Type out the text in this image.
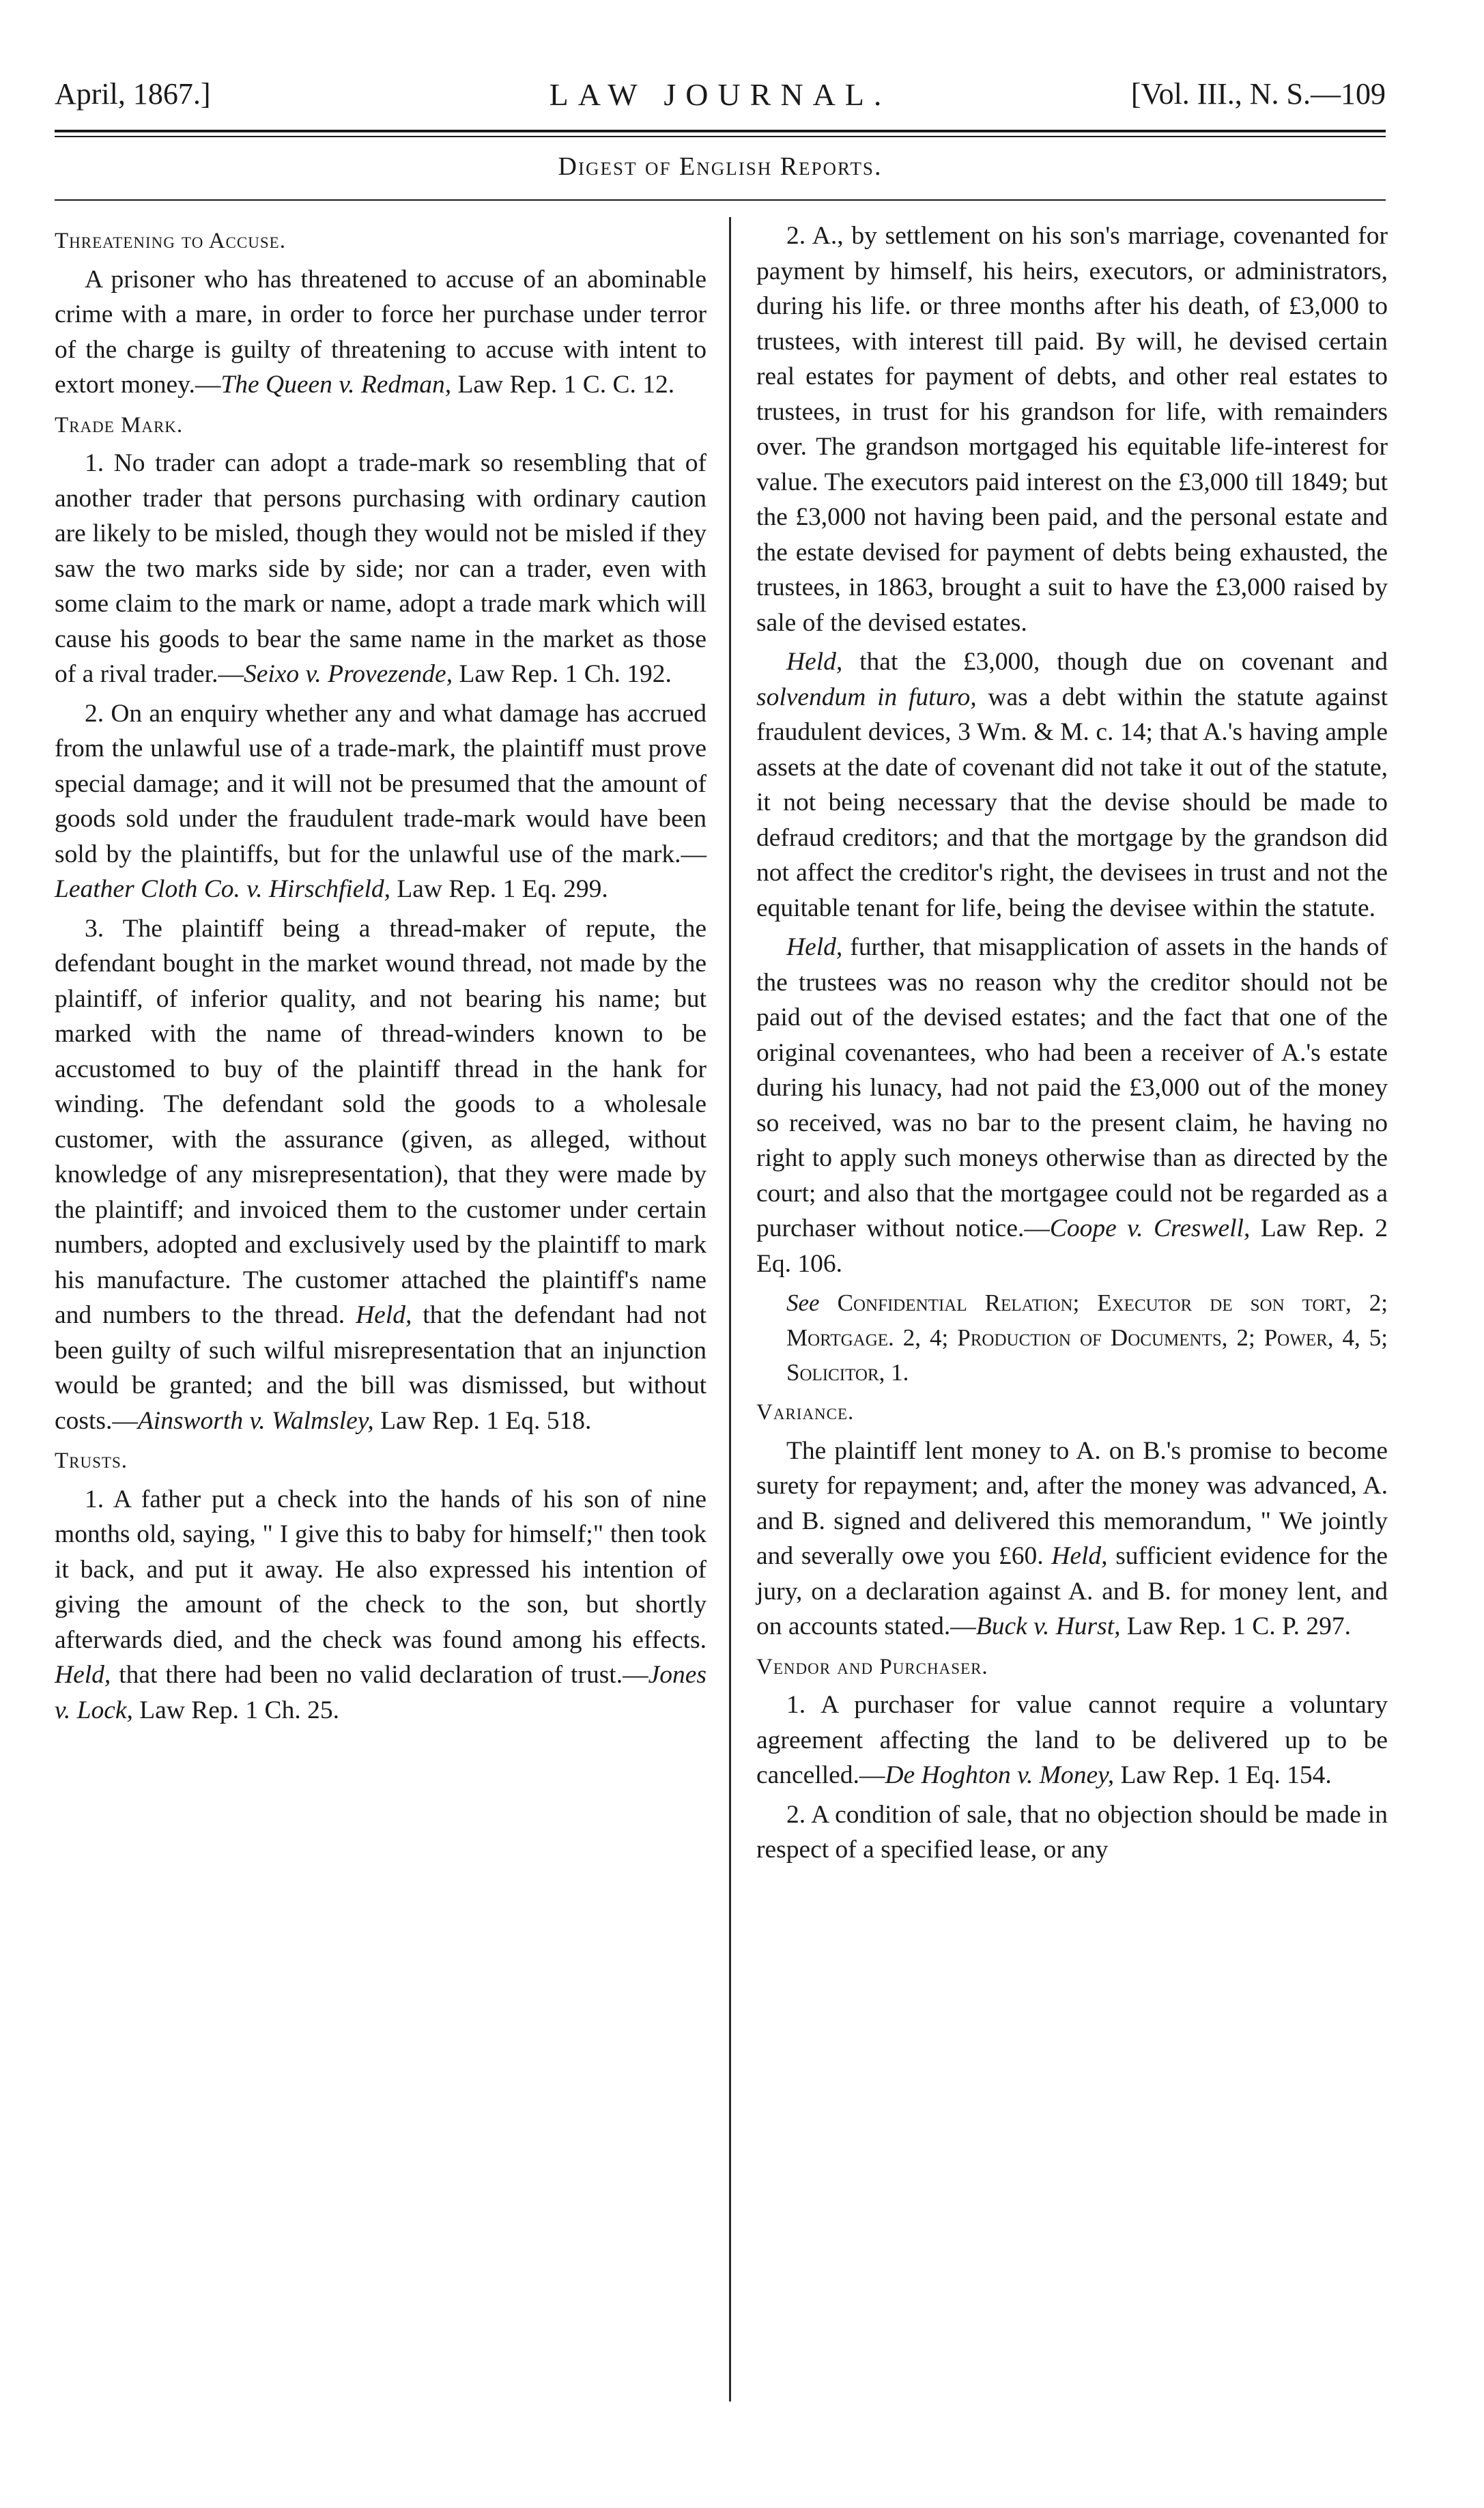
LAW JOURNAL.
April, 1867.]	[Vol. III., N. S.—109
Digest of English Reports.
Threatening to Accuse.

A prisoner who has threatened to accuse of an abominable crime with a mare, in order to force her purchase under terror of the charge is guilty of threatening to accuse with intent to extort money.—The Queen v. Redman, Law Rep. 1 C. C. 12.

Trade Mark.

1. No trader can adopt a trade-mark so resembling that of another trader that persons purchasing with ordinary caution are likely to be misled, though they would not be misled if they saw the two marks side by side; nor can a trader, even with some claim to the mark or name, adopt a trade mark which will cause his goods to bear the same name in the market as those of a rival trader.—Seixo v. Provezende, Law Rep. 1 Ch. 192.

2. On an enquiry whether any and what damage has accrued from the unlawful use of a trade-mark, the plaintiff must prove special damage; and it will not be presumed that the amount of goods sold under the fraudulent trade-mark would have been sold by the plaintiffs, but for the unlawful use of the mark.—Leather Cloth Co. v. Hirschfield, Law Rep. 1 Eq. 299.

3. The plaintiff being a thread-maker of repute, the defendant bought in the market wound thread, not made by the plaintiff, of inferior quality, and not bearing his name; but marked with the name of thread-winders known to be accustomed to buy of the plaintiff thread in the hank for winding. The defendant sold the goods to a wholesale customer, with the assurance (given, as alleged, without knowledge of any misrepresentation), that they were made by the plaintiff; and invoiced them to the customer under certain numbers, adopted and exclusively used by the plaintiff to mark his manufacture. The customer attached the plaintiff's name and numbers to the thread. Held, that the defendant had not been guilty of such wilful misrepresentation that an injunction would be granted; and the bill was dismissed, but without costs.—Ainsworth v. Walmsley, Law Rep. 1 Eq. 518.

Trusts.

1. A father put a check into the hands of his son of nine months old, saying, " I give this to baby for himself;" then took it back, and put it away. He also expressed his intention of giving the amount of the check to the son, but shortly afterwards died, and the check was found among his effects. Held, that there had been no valid declaration of trust.—Jones v. Lock, Law Rep. 1 Ch. 25.

2. A., by settlement on his son's marriage, covenanted for payment by himself, his heirs, executors, or administrators, during his life. or three months after his death, of £3,000 to trustees, with interest till paid. By will, he devised certain real estates for payment of debts, and other real estates to trustees, in trust for his grandson for life, with remainders over. The grandson mortgaged his equitable life-interest for value. The executors paid interest on the £3,000 till 1849; but the £3,000 not having been paid, and the personal estate and the estate devised for payment of debts being exhausted, the trustees, in 1863, brought a suit to have the £3,000 raised by sale of the devised estates.

Held, that the £3,000, though due on covenant and solvendum in futuro, was a debt within the statute against fraudulent devices, 3 Wm. & M. c. 14; that A.'s having ample assets at the date of covenant did not take it out of the statute, it not being necessary that the devise should be made to defraud creditors; and that the mortgage by the grandson did not affect the creditor's right, the devisees in trust and not the equitable tenant for life, being the devisee within the statute.

Held, further, that misapplication of assets in the hands of the trustees was no reason why the creditor should not be paid out of the devised estates; and the fact that one of the original covenantees, who had been a receiver of A.'s estate during his lunacy, had not paid the £3,000 out of the money so received, was no bar to the present claim, he having no right to apply such moneys otherwise than as directed by the court; and also that the mortgagee could not be regarded as a purchaser without notice.—Coope v. Creswell, Law Rep. 2 Eq. 106.

See Confidential Relation; Executor de son tort, 2; Mortgage. 2, 4; Production of Documents, 2; Power, 4, 5; Solicitor, 1.

Variance.

The plaintiff lent money to A. on B.'s promise to become surety for repayment; and, after the money was advanced, A. and B. signed and delivered this memorandum, " We jointly and severally owe you £60. Held, sufficient evidence for the jury, on a declaration against A. and B. for money lent, and on accounts stated.—Buck v. Hurst, Law Rep. 1 C. P. 297.

Vendor and Purchaser.

1. A purchaser for value cannot require a voluntary agreement affecting the land to be delivered up to be cancelled.—De Hoghton v. Money, Law Rep. 1 Eq. 154.

2. A condition of sale, that no objection should be made in respect of a specified lease, or any
